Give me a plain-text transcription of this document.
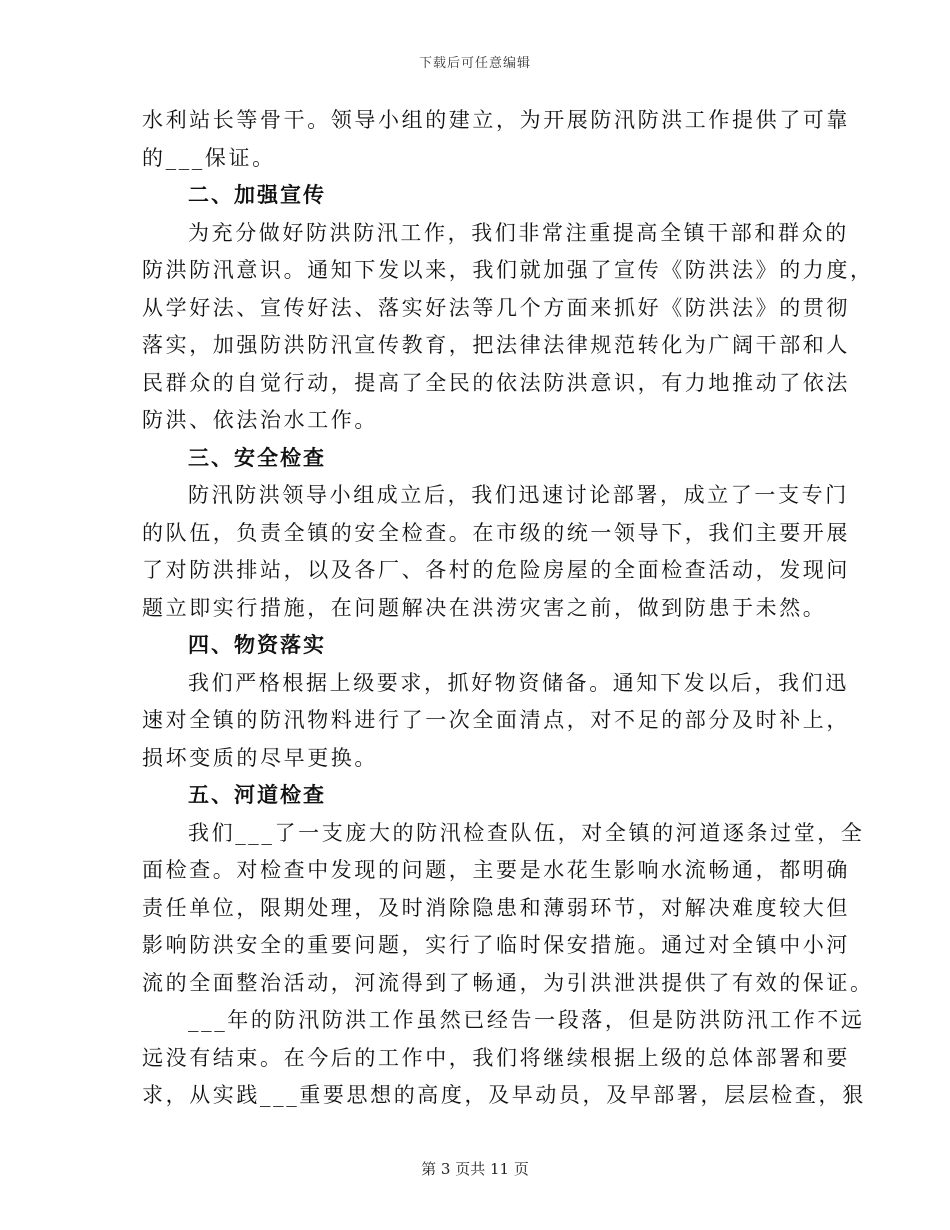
下载后可任意编辑
水利站长等骨干。领导小组的建立，为开展防汛防洪工作提供了可靠
的___保证。
二、加强宣传
为充分做好防洪防汛工作，我们非常注重提高全镇干部和群众的
防洪防汛意识。通知下发以来，我们就加强了宣传《防洪法》的力度，
从学好法、宣传好法、落实好法等几个方面来抓好《防洪法》的贯彻
落实，加强防洪防汛宣传教育，把法律法律规范转化为广阔干部和人
民群众的自觉行动，提高了全民的依法防洪意识，有力地推动了依法
防洪、依法治水工作。
三、安全检查
防汛防洪领导小组成立后，我们迅速讨论部署，成立了一支专门
的队伍，负责全镇的安全检查。在市级的统一领导下，我们主要开展
了对防洪排站，以及各厂、各村的危险房屋的全面检查活动，发现问
题立即实行措施，在问题解决在洪涝灾害之前，做到防患于未然。
四、物资落实
我们严格根据上级要求，抓好物资储备。通知下发以后，我们迅
速对全镇的防汛物料进行了一次全面清点，对不足的部分及时补上，
损坏变质的尽早更换。
五、河道检查
我们___了一支庞大的防汛检查队伍，对全镇的河道逐条过堂，全
面检查。对检查中发现的问题，主要是水花生影响水流畅通，都明确
责任单位，限期处理，及时消除隐患和薄弱环节，对解决难度较大但
影响防洪安全的重要问题，实行了临时保安措施。通过对全镇中小河
流的全面整治活动，河流得到了畅通，为引洪泄洪提供了有效的保证。
___年的防汛防洪工作虽然已经告一段落，但是防洪防汛工作不远
远没有结束。在今后的工作中，我们将继续根据上级的总体部署和要
求，从实践___重要思想的高度，及早动员，及早部署，层层检查，狠
第 3 页共 11 页
